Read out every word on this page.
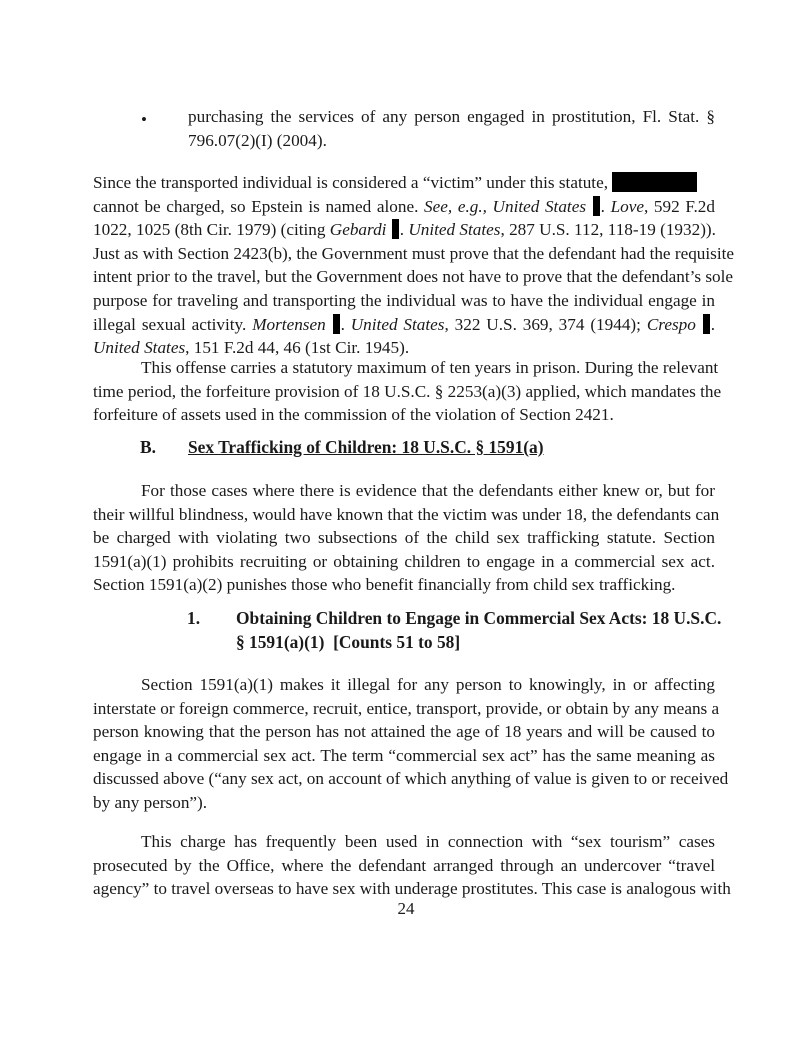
• purchasing the services of any person engaged in prostitution, Fl. Stat. §
796.07(2)(I) (2004).
Since the transported individual is considered a “victim” under this statute,
cannot be charged, so Epstein is named alone. See, e.g., United States . Love, 592 F.2d
1022, 1025 (8th Cir. 1979) (citing Gebardi . United States, 287 U.S. 112, 118-19 (1932)).
Just as with Section 2423(b), the Government must prove that the defendant had the requisite
intent prior to the travel, but the Government does not have to prove that the defendant’s sole
purpose for traveling and transporting the individual was to have the individual engage in
illegal sexual activity. Mortensen . United States, 322 U.S. 369, 374 (1944); Crespo .
United States, 151 F.2d 44, 46 (1st Cir. 1945).
This offense carries a statutory maximum of ten years in prison. During the relevant
time period, the forfeiture provision of 18 U.S.C. § 2253(a)(3) applied, which mandates the
forfeiture of assets used in the commission of the violation of Section 2421.
B. Sex Trafficking of Children: 18 U.S.C. § 1591(a)
For those cases where there is evidence that the defendants either knew or, but for
their willful blindness, would have known that the victim was under 18, the defendants can
be charged with violating two subsections of the child sex trafficking statute. Section
1591(a)(1) prohibits recruiting or obtaining children to engage in a commercial sex act.
Section 1591(a)(2) punishes those who benefit financially from child sex trafficking.
1. Obtaining Children to Engage in Commercial Sex Acts: 18 U.S.C.
§ 1591(a)(1)  [Counts 51 to 58]
Section 1591(a)(1) makes it illegal for any person to knowingly, in or affecting
interstate or foreign commerce, recruit, entice, transport, provide, or obtain by any means a
person knowing that the person has not attained the age of 18 years and will be caused to
engage in a commercial sex act. The term “commercial sex act” has the same meaning as
discussed above (“any sex act, on account of which anything of value is given to or received
by any person”).
This charge has frequently been used in connection with “sex tourism” cases
prosecuted by the Office, where the defendant arranged through an undercover “travel
agency” to travel overseas to have sex with underage prostitutes. This case is analogous with
24
